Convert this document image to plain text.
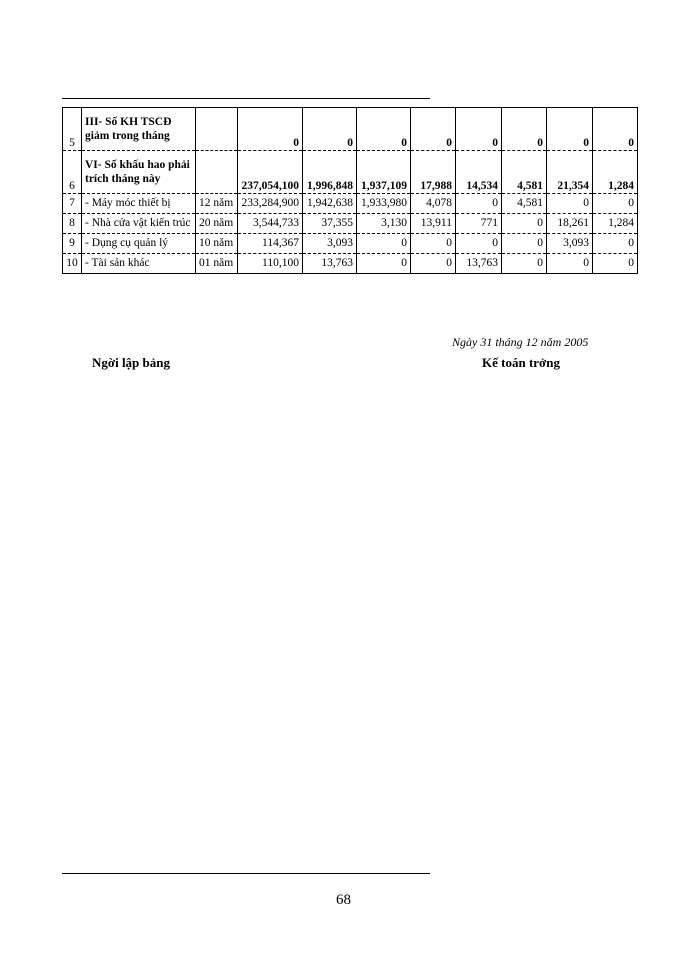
5	III- Số KH TSCĐ giảm trong tháng		0	0	0	0	0	0	0	0
6	VI- Số khấu hao phải trích tháng này		237,054,100	1,996,848	1,937,109	17,988	14,534	4,581	21,354	1,284
7	- Máy móc thiết bị	12 năm	233,284,900	1,942,638	1,933,980	4,078	0	4,581	0	0
8	- Nhà cửa vật kiến trúc	20 năm	3,544,733	37,355	3,130	13,911	771	0	18,261	1,284
9	- Dụng cụ quản lý	10 năm	114,367	3,093	0	0	0	0	3,093	0
10	- Tài sản khác	01 năm	110,100	13,763	0	0	13,763	0	0	0
Ngày 31 tháng 12 năm 2005
Ngời lập bảng	Kế toán trởng
68
